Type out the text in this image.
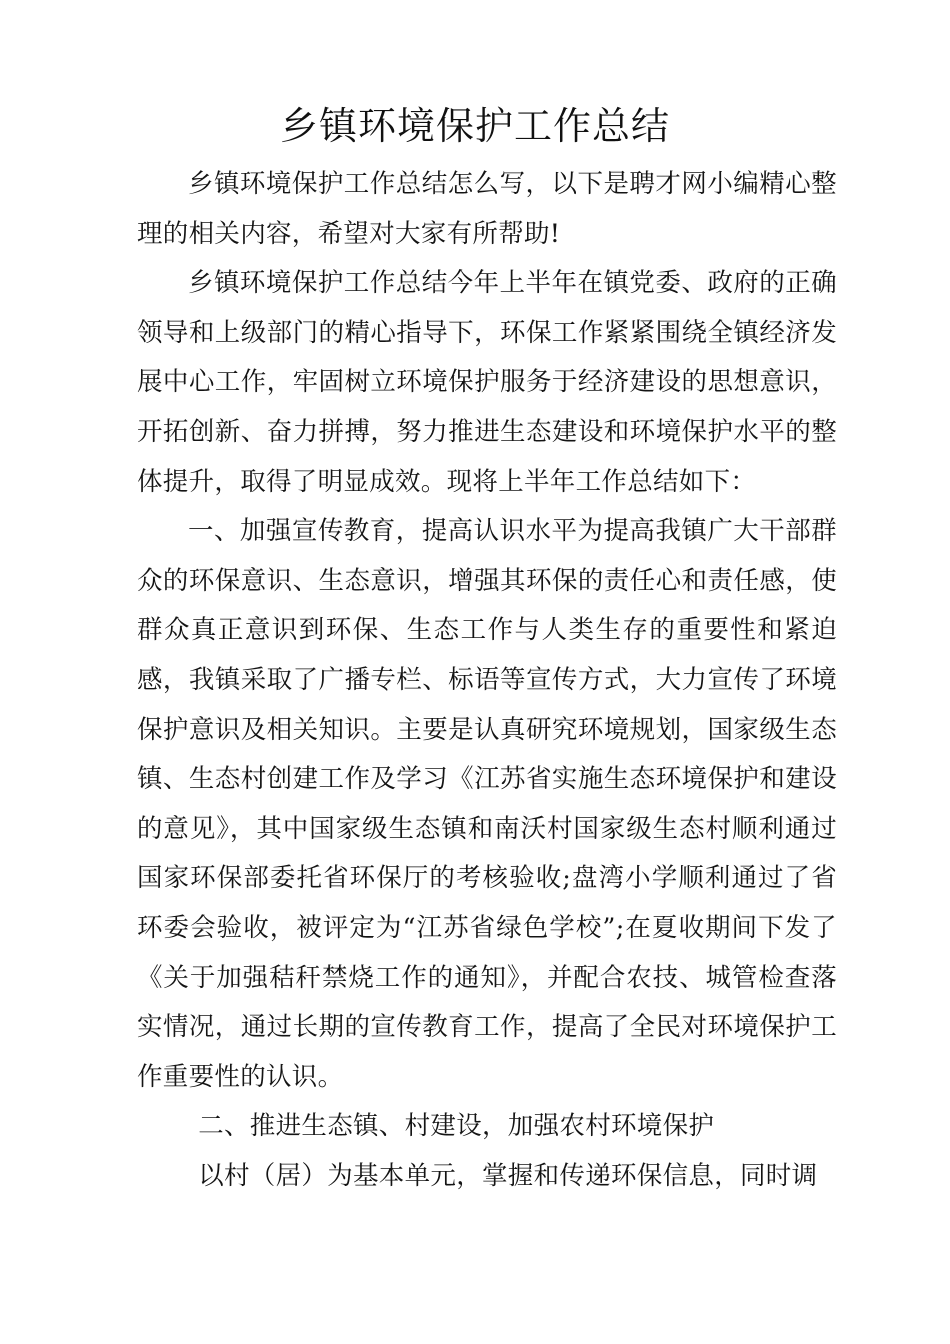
乡镇环境保护工作总结

乡镇环境保护工作总结怎么写，以下是聘才网小编精心整理的相关内容，希望对大家有所帮助!

乡镇环境保护工作总结今年上半年在镇党委、政府的正确领导和上级部门的精心指导下，环保工作紧紧围绕全镇经济发展中心工作，牢固树立环境保护服务于经济建设的思想意识，开拓创新、奋力拼搏，努力推进生态建设和环境保护水平的整体提升，取得了明显成效。现将上半年工作总结如下：

一、加强宣传教育，提高认识水平为提高我镇广大干部群众的环保意识、生态意识，增强其环保的责任心和责任感，使群众真正意识到环保、生态工作与人类生存的重要性和紧迫感，我镇采取了广播专栏、标语等宣传方式，大力宣传了环境保护意识及相关知识。主要是认真研究环境规划，国家级生态镇、生态村创建工作及学习《江苏省实施生态环境保护和建设的意见》，其中国家级生态镇和南沃村国家级生态村顺利通过国家环保部委托省环保厅的考核验收;盘湾小学顺利通过了省环委会验收，被评定为“江苏省绿色学校”;在夏收期间下发了《关于加强秸秆禁烧工作的通知》，并配合农技、城管检查落实情况，通过长期的宣传教育工作，提高了全民对环境保护工作重要性的认识。

二、推进生态镇、村建设，加强农村环境保护

以村（居）为基本单元，掌握和传递环保信息，同时调
